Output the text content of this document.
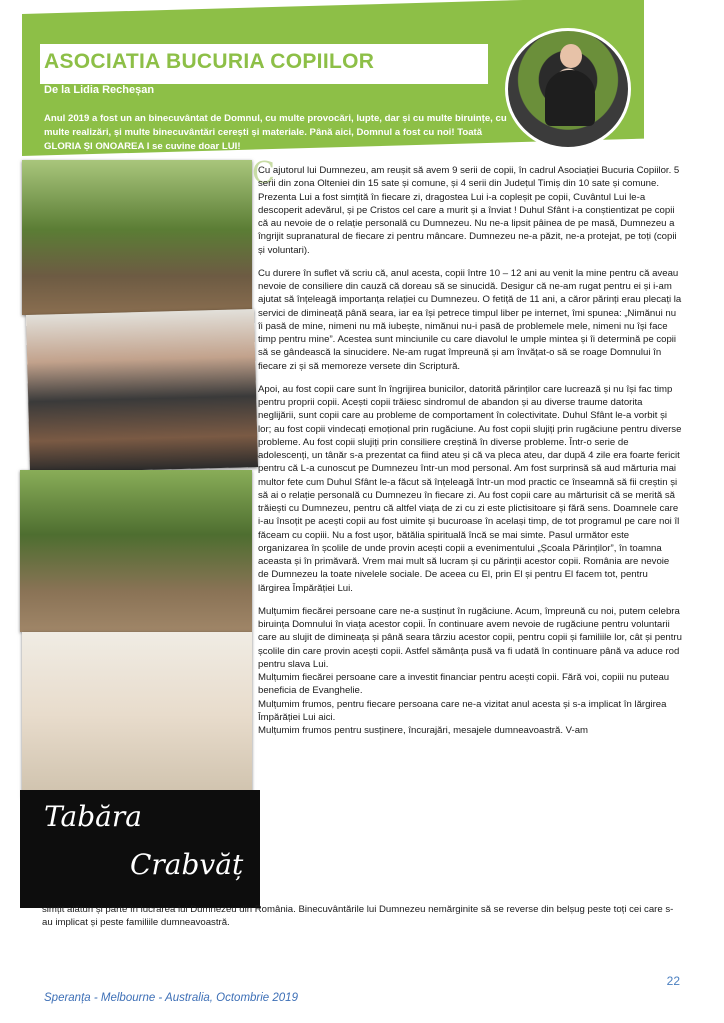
ASOCIATIA BUCURIA COPIILOR
De la Lidia Recheșan
Anul 2019 a fost un an binecuvântat de Domnul, cu multe provocări, lupte, dar și cu multe biruințe, cu multe realizări, și multe binecuvântări cerești și materiale. Până aici, Domnul a fost cu noi! Toată GLORIA ȘI ONOAREA I se cuvine doar LUI!
Tabăra
Crabvăț
C

Cu ajutorul lui Dumnezeu, am reușit să avem 9 serii de copii, în cadrul Asociației Bucuria Copiilor. 5 serii din zona Olteniei din 15 sate și comune, și 4 serii din Județul Timiș din 10 sate și comune. Prezenta Lui a fost simțită în fiecare zi, dragostea Lui i-a copleșit pe copii, Cuvântul Lui le-a descoperit adevărul, și pe Cristos cel care a murit și a înviat ! Duhul Sfânt i-a conștientizat pe copii că au nevoie de o relație personală cu Dumnezeu. Nu ne-a lipsit pâinea de pe masă, Dumnezeu a îngrijit supranatural de fiecare zi pentru mâncare. Dumnezeu ne-a păzit, ne-a protejat, pe toți (copii și voluntari).

Cu durere în suflet vă scriu că, anul acesta, copii între 10 – 12 ani au venit la mine pentru că aveau nevoie de consiliere din cauză că doreau să se sinucidă. Desigur că ne-am rugat pentru ei și i-am ajutat să înțeleagă importanța relației cu Dumnezeu. O fetiță de 11 ani, a căror părinți erau plecați la servici de dimineață până seara, iar ea își petrece timpul liber pe internet, îmi spunea: „Nimănui nu îi pasă de mine, nimeni nu mă iubește, nimănui nu-i pasă de problemele mele, nimeni nu își face timp pentru mine”. Acestea sunt minciunile cu care diavolul le umple mintea și îi determină pe copii să se gândească la sinucidere. Ne-am rugat împreună și am învățat-o să se roage Domnului în fiecare zi și să memoreze versete din Scriptură.

Apoi, au fost copii care sunt în îngrijirea bunicilor, datorită părinților care lucrează și nu își fac timp pentru proprii copii. Acești copii trăiesc sindromul de abandon și au diverse traume datorita neglijării, sunt copii care au probleme de comportament în colectivitate. Duhul Sfânt le-a vorbit și lor; au fost copii vindecați emoțional prin rugăciune. Au fost copii slujiți prin rugăciune pentru diverse probleme. Au fost copii slujiți prin consiliere creștină în diverse probleme. Într-o serie de adolescenți, un tânăr s-a prezentat ca fiind ateu și că va pleca ateu, dar după 4 zile era foarte fericit pentru că L-a cunoscut pe Dumnezeu într-un mod personal. Am fost surprinsă să aud mărturia mai multor fete cum Duhul Sfânt le-a făcut să înțeleagă într-un mod practic ce înseamnă să fii creștin și să ai o relație personală cu Dumnezeu în fiecare zi. Au fost copii care au mărturisit că se merită să trăiești cu Dumnezeu, pentru că altfel viața de zi cu zi este plictisitoare și fără sens. Doamnele care i-au însoțit pe acești copii au fost uimite și bucuroase în același timp, de tot programul pe care noi îl făceam cu copiii. Nu a fost ușor, bătălia spirituală încă se mai simte. Pasul următor este organizarea în școlile de unde provin acești copii a evenimentului „Școala Părinților”, în toamna aceasta și în primăvară. Vrem mai mult să lucram și cu părinții acestor copii. România are nevoie de Dumnezeu la toate nivelele sociale. De aceea cu El, prin El și pentru El facem tot, pentru lărgirea Împărăției Lui.

Mulțumim fiecărei persoane care ne-a susținut în rugăciune. Acum, împreună cu noi, putem celebra biruința Domnului în viața acestor copii. În continuare avem nevoie de rugăciune pentru voluntarii care au slujit de dimineața și până seara târziu acestor copii, pentru copii și familiile lor, cât și pentru școlile din care provin acești copii. Astfel sămânța pusă va fi udată în continuare până va aduce rod pentru slava Lui.

Mulțumim fiecărei persoane care a investit financiar pentru acești copii. Fără voi, copiii nu puteau beneficia de Evanghelie.

Mulțumim frumos, pentru fiecare persoana care ne-a vizitat anul acesta și s-a implicat în lărgirea Împărăției Lui aici.

Mulțumim frumos pentru susținere, încurajări, mesajele dumneavoastră. V-am

simțit alături și parte în lucrarea lui Dumnezeu din România. Binecuvântările lui Dumnezeu nemărginite să se reverse din belșug peste toți cei care s-au implicat și peste familiile dumneavoastră.
22
Speranța - Melbourne - Australia, Octombrie 2019
